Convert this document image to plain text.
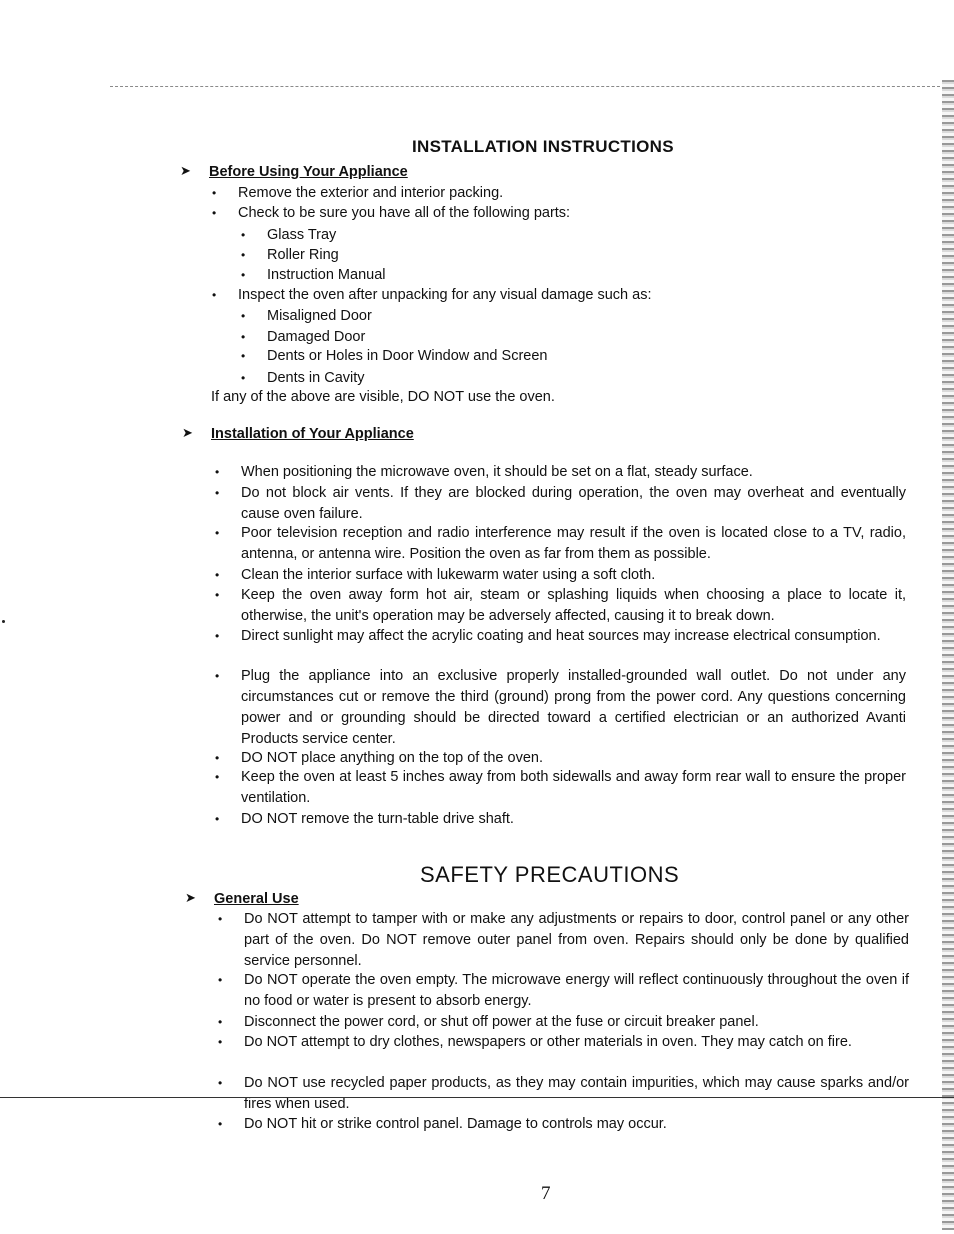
INSTALLATION INSTRUCTIONS
➤ Before Using Your Appliance
• Remove the exterior and interior packing.
• Check to be sure you have all of the following parts:
• Glass Tray
• Roller Ring
• Instruction Manual
• Inspect the oven after unpacking for any visual damage such as:
• Misaligned Door
• Damaged Door
• Dents or Holes in Door Window and Screen
• Dents in Cavity
If any of the above are visible, DO NOT use the oven.
➤ Installation of Your Appliance
• When positioning the microwave oven, it should be set on a flat, steady surface.
• Do not block air vents. If they are blocked during operation, the oven may overheat and eventually cause oven failure.
• Poor television reception and radio interference may result if the oven is located close to a TV, radio, antenna, or antenna wire. Position the oven as far from them as possible.
• Clean the interior surface with lukewarm water using a soft cloth.
• Keep the oven away form hot air, steam or splashing liquids when choosing a place to locate it, otherwise, the unit's operation may be adversely affected, causing it to break down.
• Direct sunlight may affect the acrylic coating and heat sources may increase electrical consumption.
• Plug the appliance into an exclusive properly installed-grounded wall outlet. Do not under any circumstances cut or remove the third (ground) prong from the power cord. Any questions concerning power and or grounding should be directed toward a certified electrician or an authorized Avanti Products service center.
• DO NOT place anything on the top of the oven.
• Keep the oven at least 5 inches away from both sidewalls and away form rear wall to ensure the proper ventilation.
• DO NOT remove the turn-table drive shaft.
SAFETY PRECAUTIONS
➤ General Use
• Do NOT attempt to tamper with or make any adjustments or repairs to door, control panel or any other part of the oven. Do NOT remove outer panel from oven. Repairs should only be done by qualified service personnel.
• Do NOT operate the oven empty. The microwave energy will reflect continuously throughout the oven if no food or water is present to absorb energy.
• Disconnect the power cord, or shut off power at the fuse or circuit breaker panel.
• Do NOT attempt to dry clothes, newspapers or other materials in oven. They may catch on fire.
• Do NOT use recycled paper products, as they may contain impurities, which may cause sparks and/or fires when used.
• Do NOT hit or strike control panel. Damage to controls may occur.
7
